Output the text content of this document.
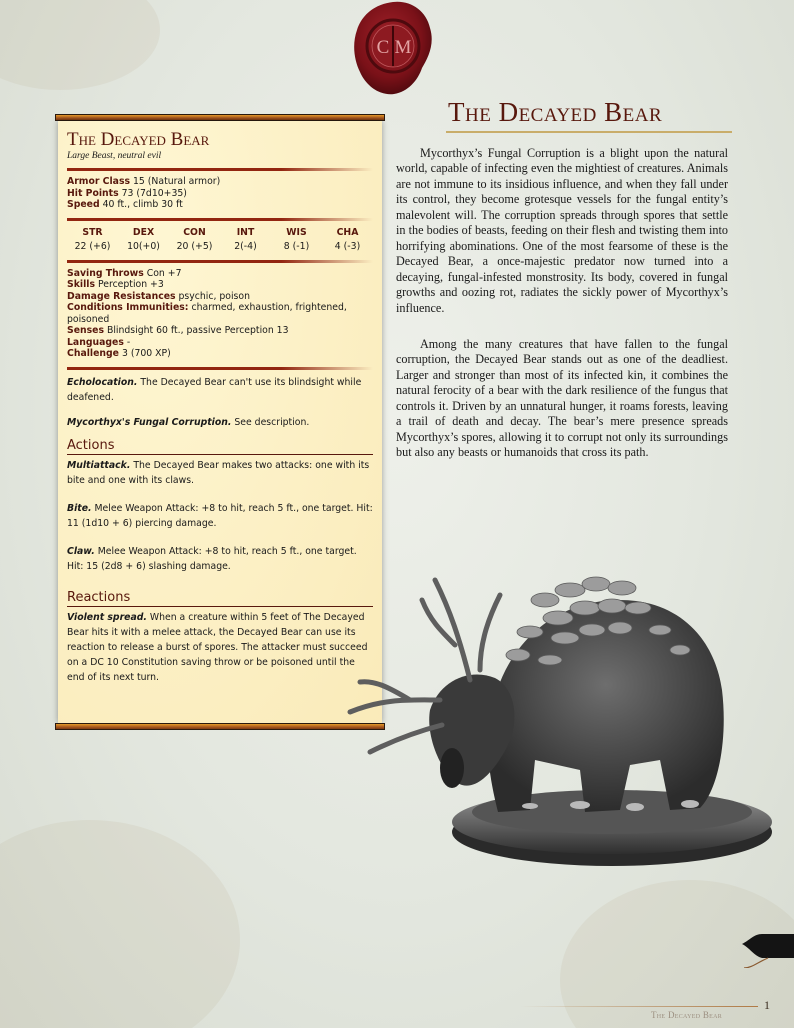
C M
The Decayed Bear

Mycorthyx’s Fungal Corruption is a blight upon the natural world, capable of infecting even the mightiest of creatures. Animals are not immune to its insidious influence, and when they fall under its control, they become grotesque vessels for the fungal entity’s malevolent will. The corruption spreads through spores that settle in the bodies of beasts, feeding on their flesh and twisting them into horrifying abominations. One of the most fearsome of these is the Decayed Bear, a once-majestic predator now turned into a decaying, fungal-infested monstrosity. Its body, covered in fungal growths and oozing rot, radiates the sickly power of Mycorthyx’s influence.

Among the many creatures that have fallen to the fungal corruption, the Decayed Bear stands out as one of the deadliest. Larger and stronger than most of its infected kin, it combines the natural ferocity of a bear with the dark resilience of the fungus that controls it. Driven by an unnatural hunger, it roams forests, leaving a trail of death and decay. The bear’s mere presence spreads Mycorthyx’s spores, allowing it to corrupt not only its surroundings but also any beasts or humanoids that cross its path.

The Decayed Bear
Large Beast, neutral evil
Armor Class 15 (Natural armor)
Hit Points 73 (7d10+35)
Speed 40 ft., climb 30 ft
STR
22 (+6)
DEX
10(+0)
CON
20 (+5)
INT
2(-4)
WIS
8 (-1)
CHA
4 (-3)
Saving Throws Con +7
Skills Perception +3
Damage Resistances psychic, poison
Conditions Immunities: charmed, exhaustion, frightened, poisoned
Senses Blindsight 60 ft., passive Perception 13
Languages -
Challenge 3 (700 XP)

Echolocation. The Decayed Bear can't use its blindsight while deafened.

Mycorthyx's Fungal Corruption. See description.

Actions

Multiattack. The Decayed Bear makes two attacks: one with its bite and one with its claws.

Bite. Melee Weapon Attack: +8 to hit, reach 5 ft., one target. Hit: 11 (1d10 + 6) piercing damage.

Claw. Melee Weapon Attack: +8 to hit, reach 5 ft., one target. Hit: 15 (2d8 + 6) slashing damage.

Reactions

Violent spread. When a creature within 5 feet of The Decayed Bear hits it with a melee attack, the Decayed Bear can use its reaction to release a burst of spores. The attacker must succeed on a DC 10 Constitution saving throw or be poisoned until the end of its next turn.

The Decayed Bear
1
